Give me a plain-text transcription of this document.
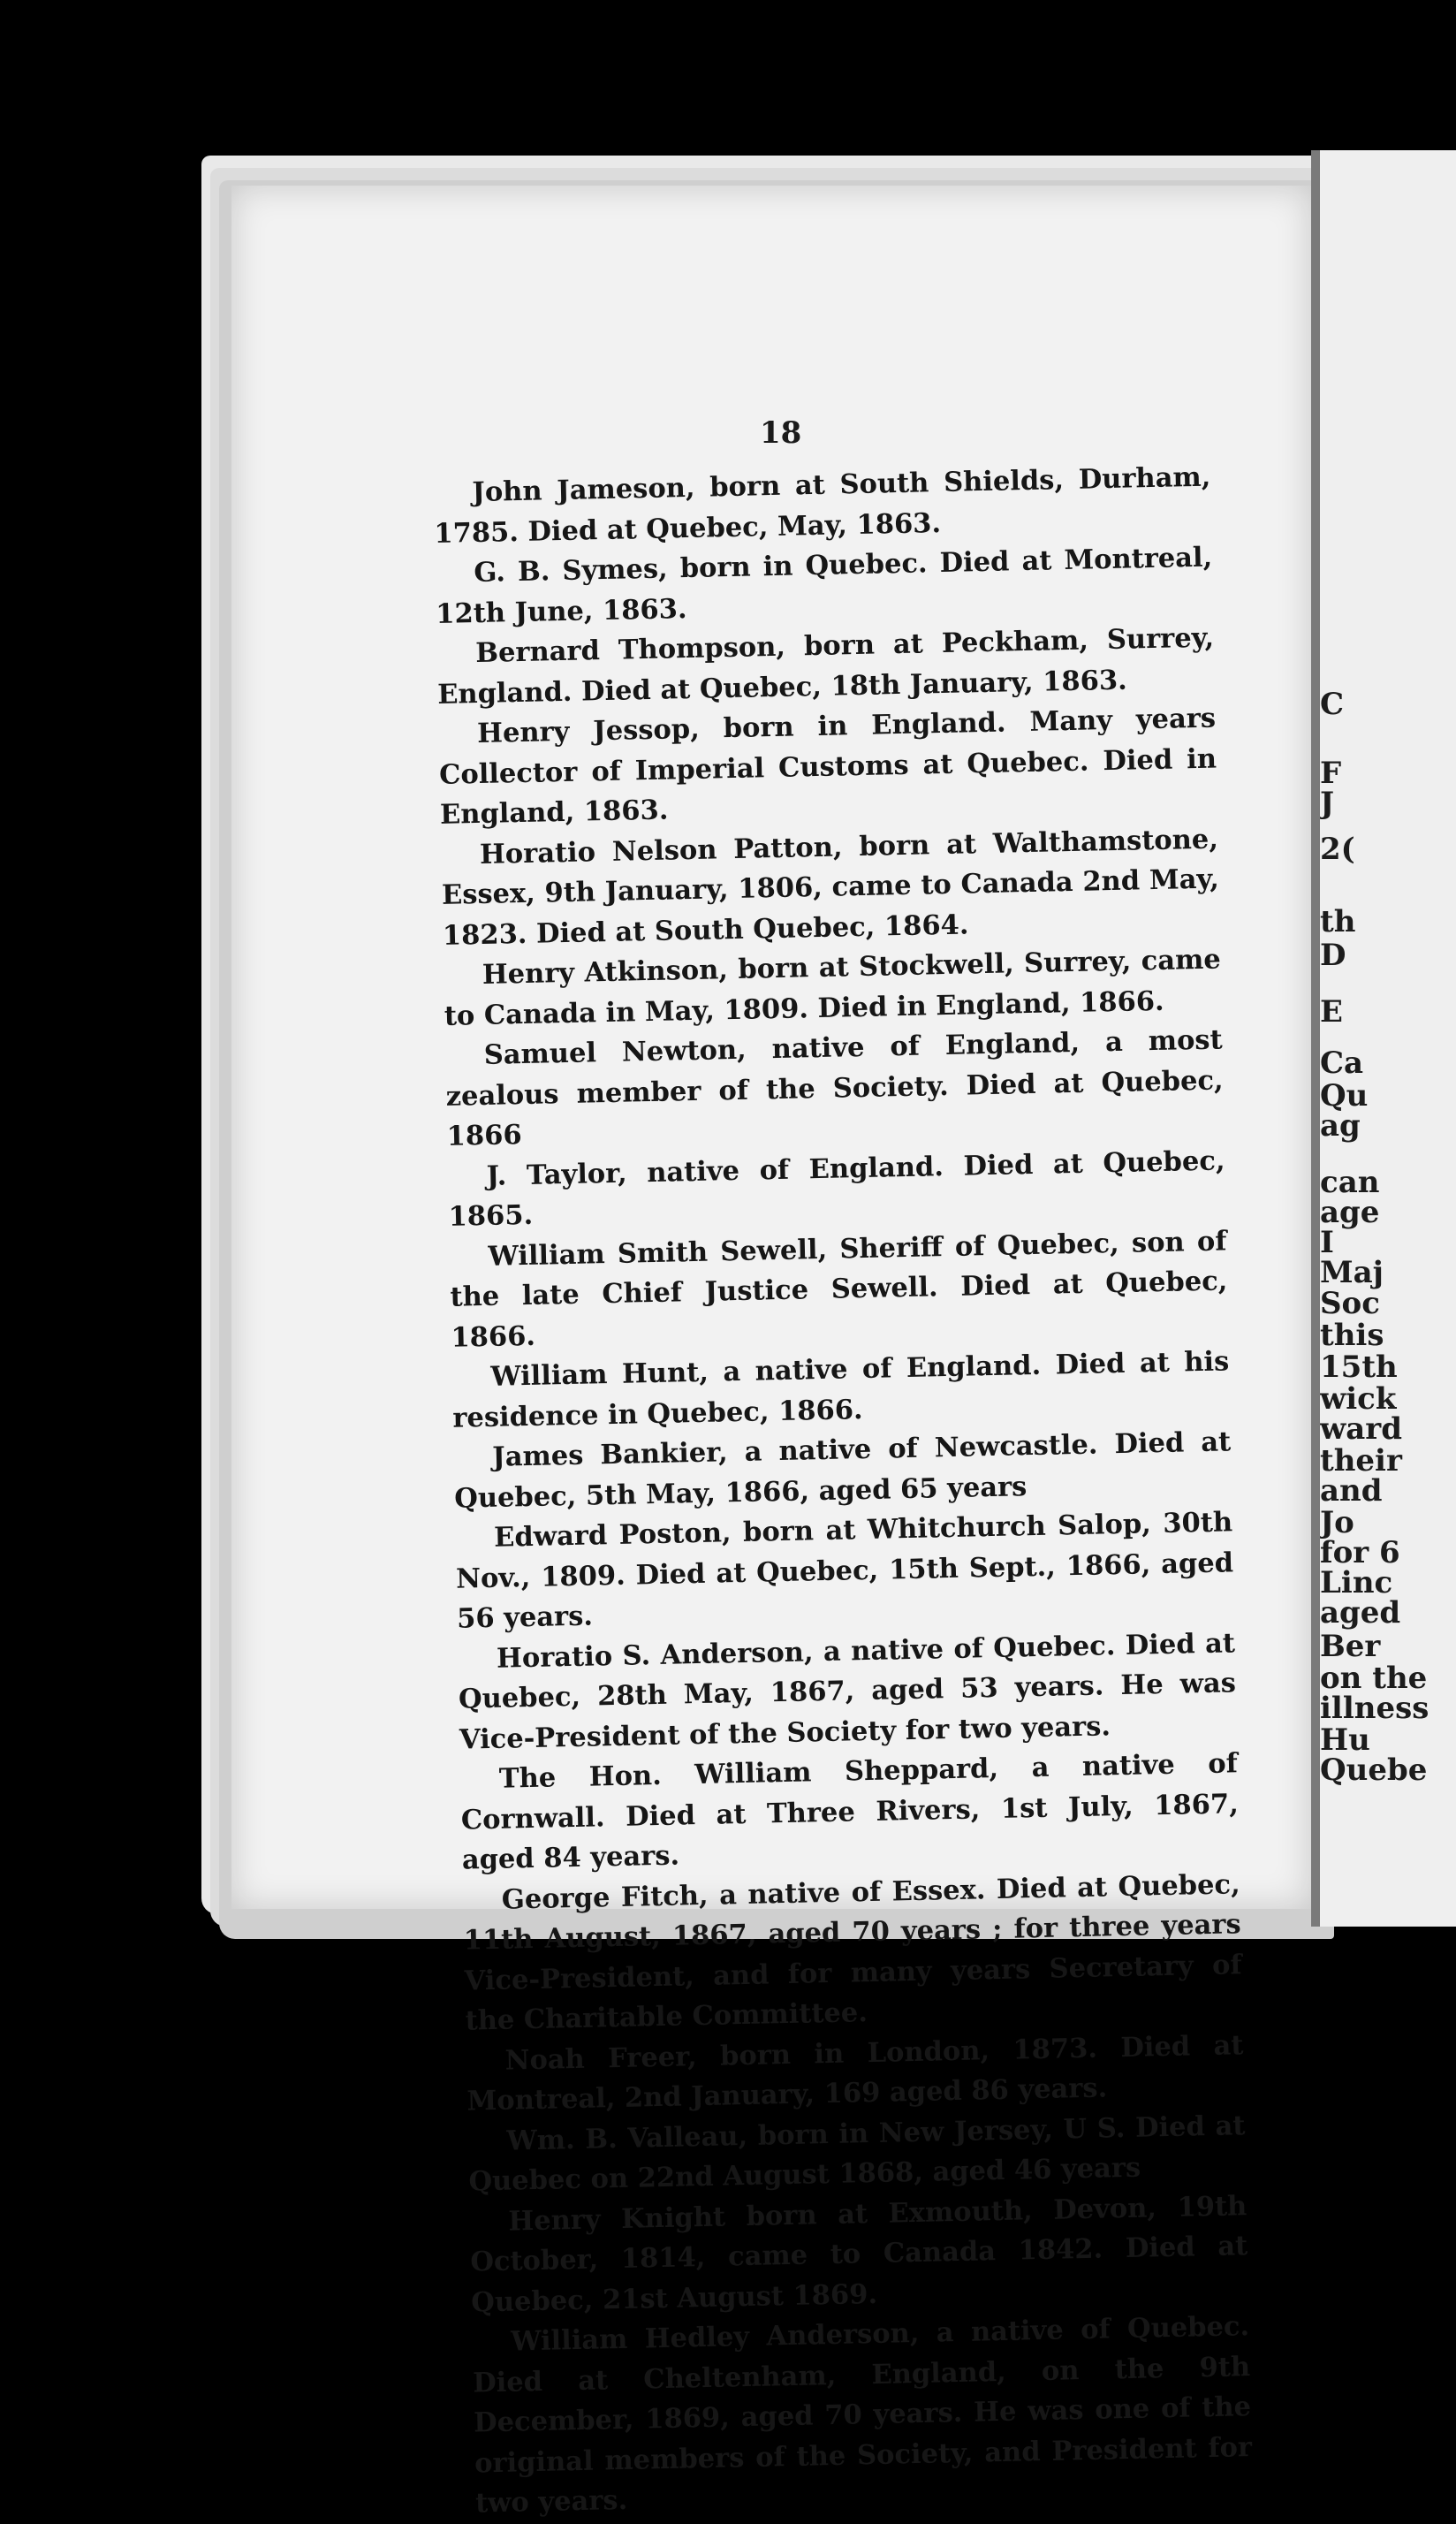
C
F
J
2(
th
D
E
Ca
Qu
ag
can
age
I
Maj
Soc
this
15th
wick
ward
their
and
Jo
for 6
Linc
aged
Ber
on the
illness
Hu
Quebe
18

John Jameson, born at South Shields, Durham, 1785. Died at Quebec, May, 1863.

G. B. Symes, born in Quebec. Died at Montreal, 12th June, 1863.

Bernard Thompson, born at Peckham, Surrey, England. Died at Quebec, 18th January, 1863.

Henry Jessop, born in England. Many years Collector of Imperial Customs at Quebec. Died in England, 1863.

Horatio Nelson Patton, born at Walthamstone, Essex, 9th January, 1806, came to Canada 2nd May, 1823. Died at South Quebec, 1864.

Henry Atkinson, born at Stockwell, Surrey, came to Canada in May, 1809. Died in England, 1866.

Samuel Newton, native of England, a most zealous member of the Society. Died at Quebec, 1866

J. Taylor, native of England. Died at Quebec, 1865.

William Smith Sewell, Sheriff of Quebec, son of the late Chief Justice Sewell. Died at Quebec, 1866.

William Hunt, a native of England. Died at his residence in Quebec, 1866.

James Bankier, a native of Newcastle. Died at Quebec, 5th May, 1866, aged 65 years

Edward Poston, born at Whitchurch Salop, 30th Nov., 1809. Died at Quebec, 15th Sept., 1866, aged 56 years.

Horatio S. Anderson, a native of Quebec. Died at Quebec, 28th May, 1867, aged 53 years. He was Vice-President of the Society for two years.

The Hon. William Sheppard, a native of Cornwall. Died at Three Rivers, 1st July, 1867, aged 84 years.

George Fitch, a native of Essex. Died at Quebec, 11th August, 1867, aged 70 years ; for three years Vice-President, and for many years Secretary of the Charitable Committee.

Noah Freer, born in London, 1873. Died at Montreal, 2nd January, 169 aged 86 years.

Wm. B. Valleau, born in New Jersey, U S. Died at Quebec on 22nd August 1868, aged 46 years

Henry Knight born at Exmouth, Devon, 19th October, 1814, came to Canada 1842. Died at Quebec, 21st August 1869.

William Hedley Anderson, a native of Quebec. Died at Cheltenham, England, on the 9th December, 1869, aged 70 years. He was one of the original members of the Society, and President for two years.
